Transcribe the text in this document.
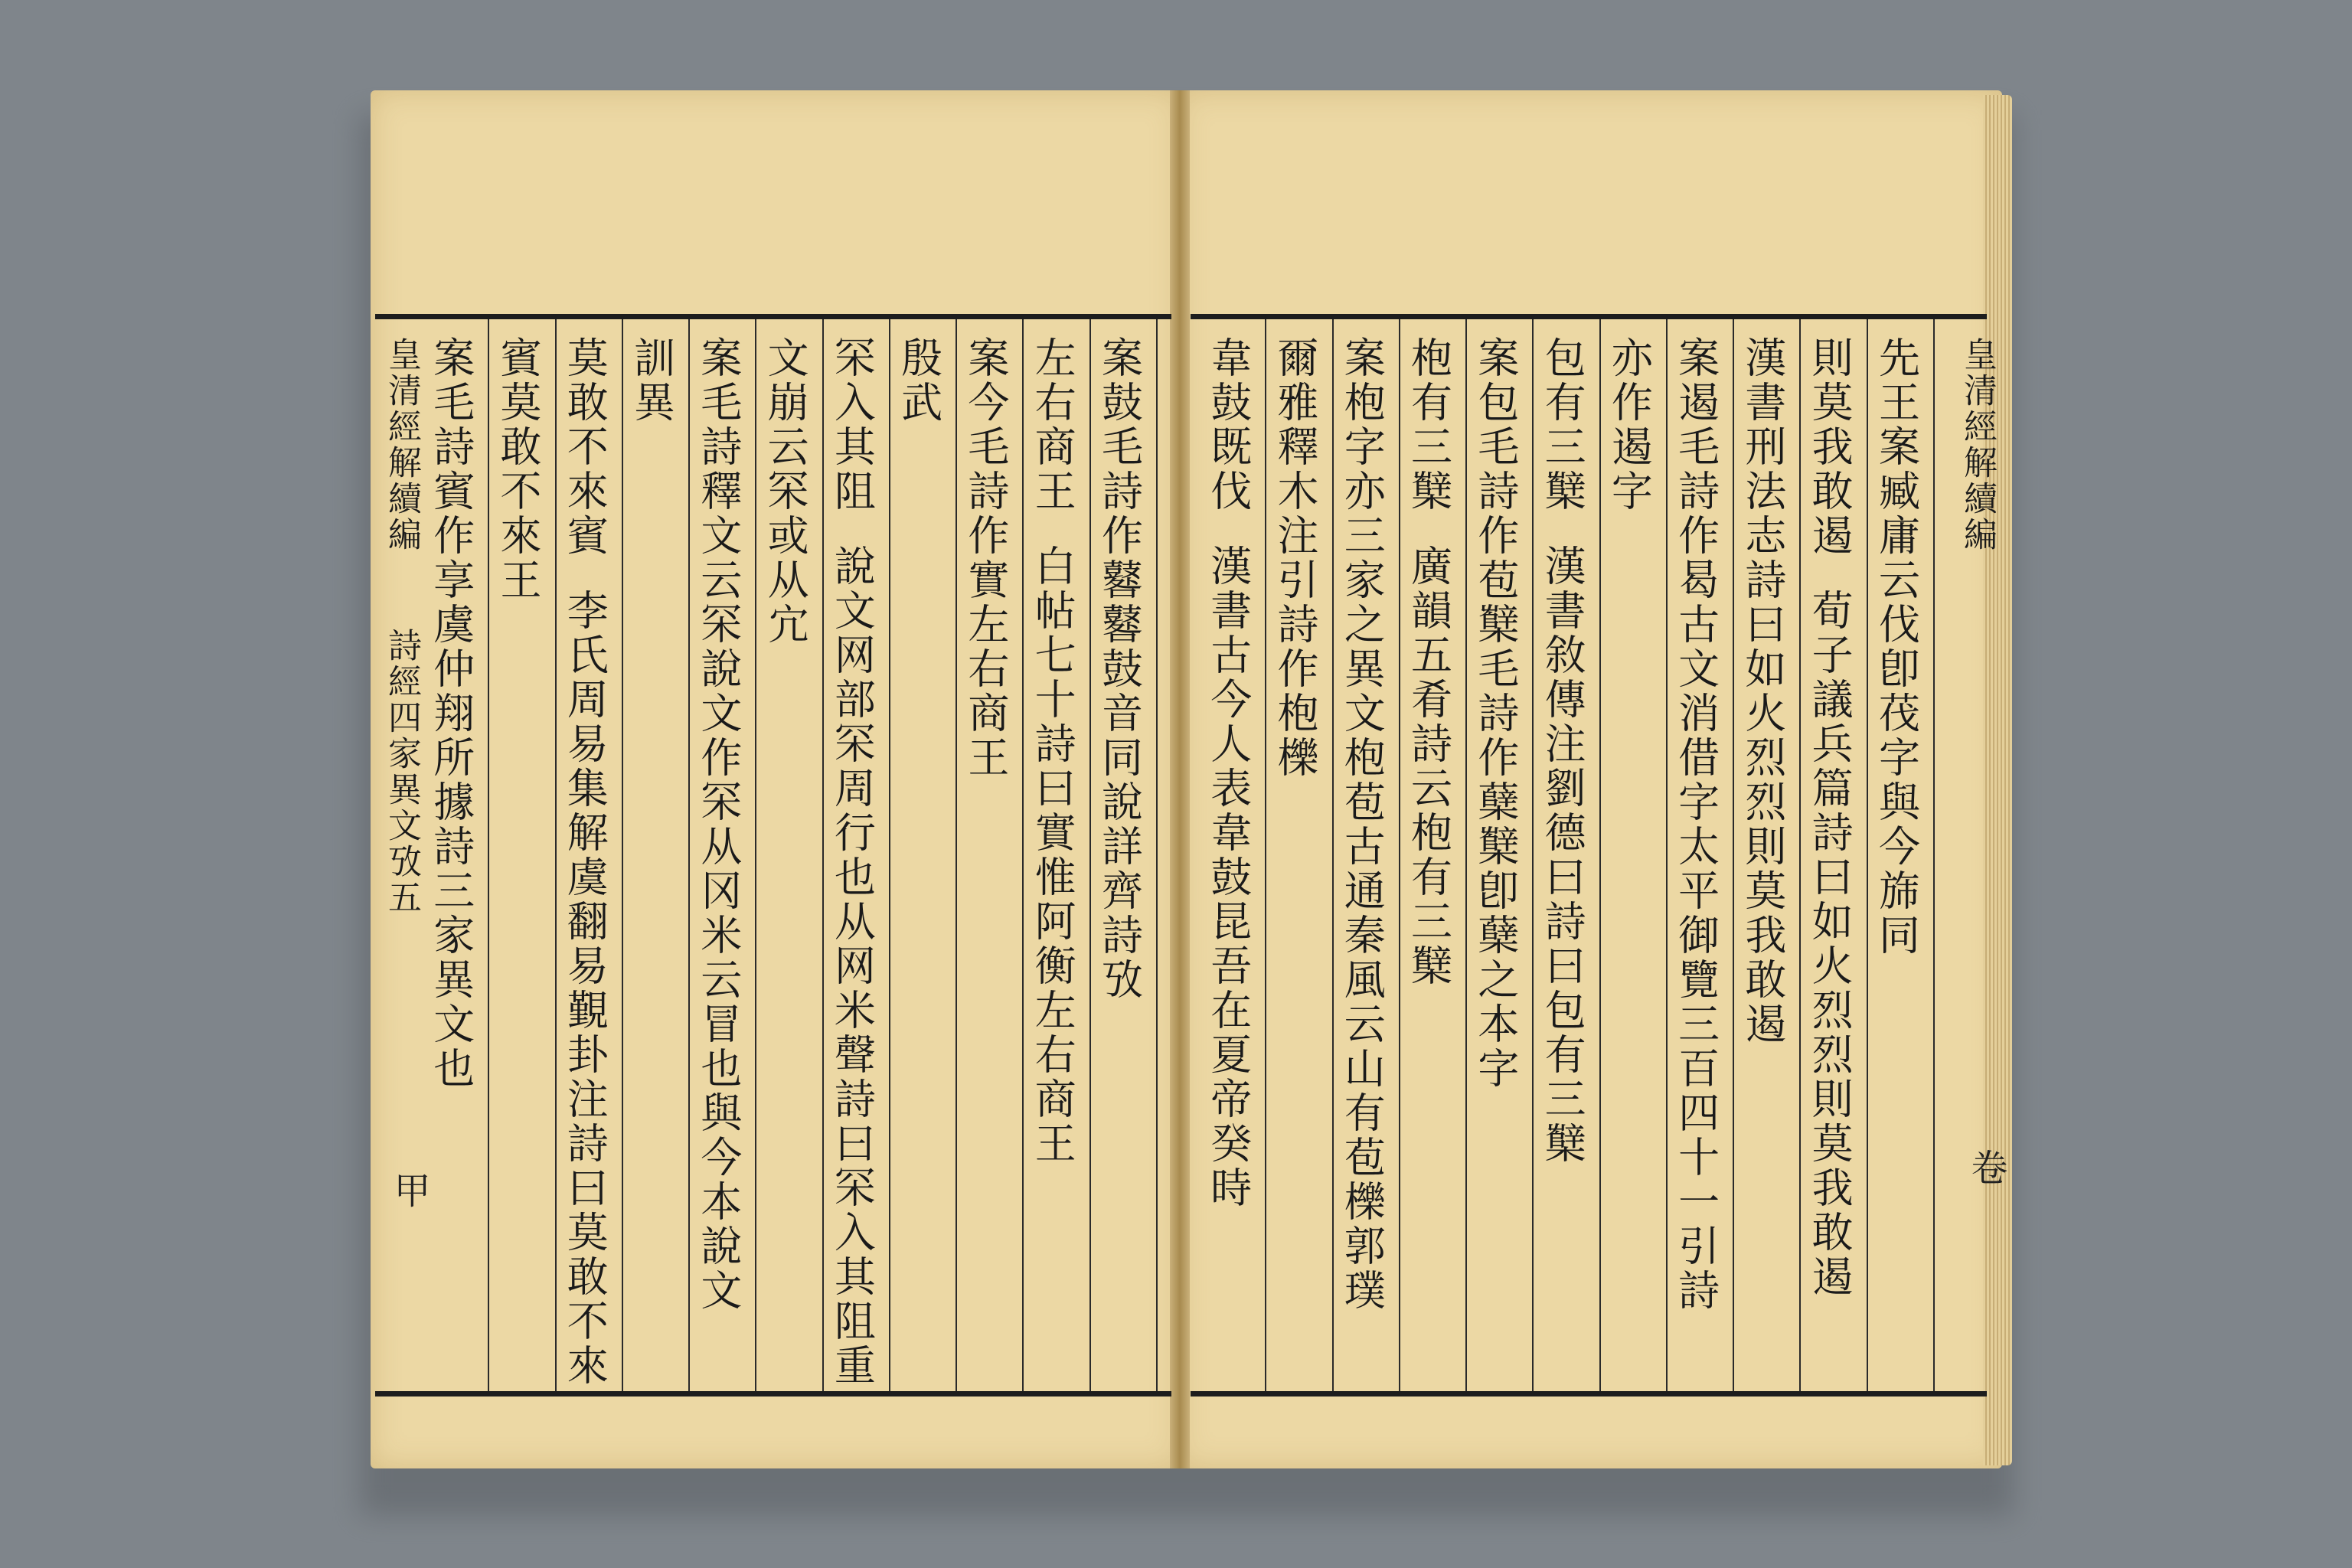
案鼓毛詩作鼛鼛鼓音同說詳齊詩攷
左右商王白帖七十詩曰實惟阿衡左右商王
案今毛詩作實左右商王
殷武
罙入其阻說文网部罙周行也从网米聲詩曰罙入其阻重
文崩云罙或从宂
案毛詩釋文云罙說文作罙从冈米云冒也與今本說文
訓異
莫敢不來賓李氏周易集解虞翻易覲卦注詩曰莫敢不來
賓莫敢不來王
案毛詩賓作享虞仲翔所據詩三家異文也
皇清經解續編
詩經四家異文攷五
甲
先王案臧庸云伐卽茷字與今旆同
則莫我敢遏荀子議兵篇詩曰如火烈烈則莫我敢遏
漢書刑法志詩曰如火烈烈則莫我敢遏
案遏毛詩作曷古文消借字太平御覽三百四十一引詩
亦作遏字
包有三櫱漢書敘傳注劉德曰詩曰包有三櫱
案包毛詩作苞櫱毛詩作蘖櫱卽蘖之本字
枹有三櫱廣韻五肴詩云枹有三櫱
案枹字亦三家之異文枹苞古通秦風云山有苞櫟郭璞
爾雅釋木注引詩作枹櫟
韋鼓既伐漢書古今人表韋鼓昆吾在夏帝癸時
皇清經解續編
卷
